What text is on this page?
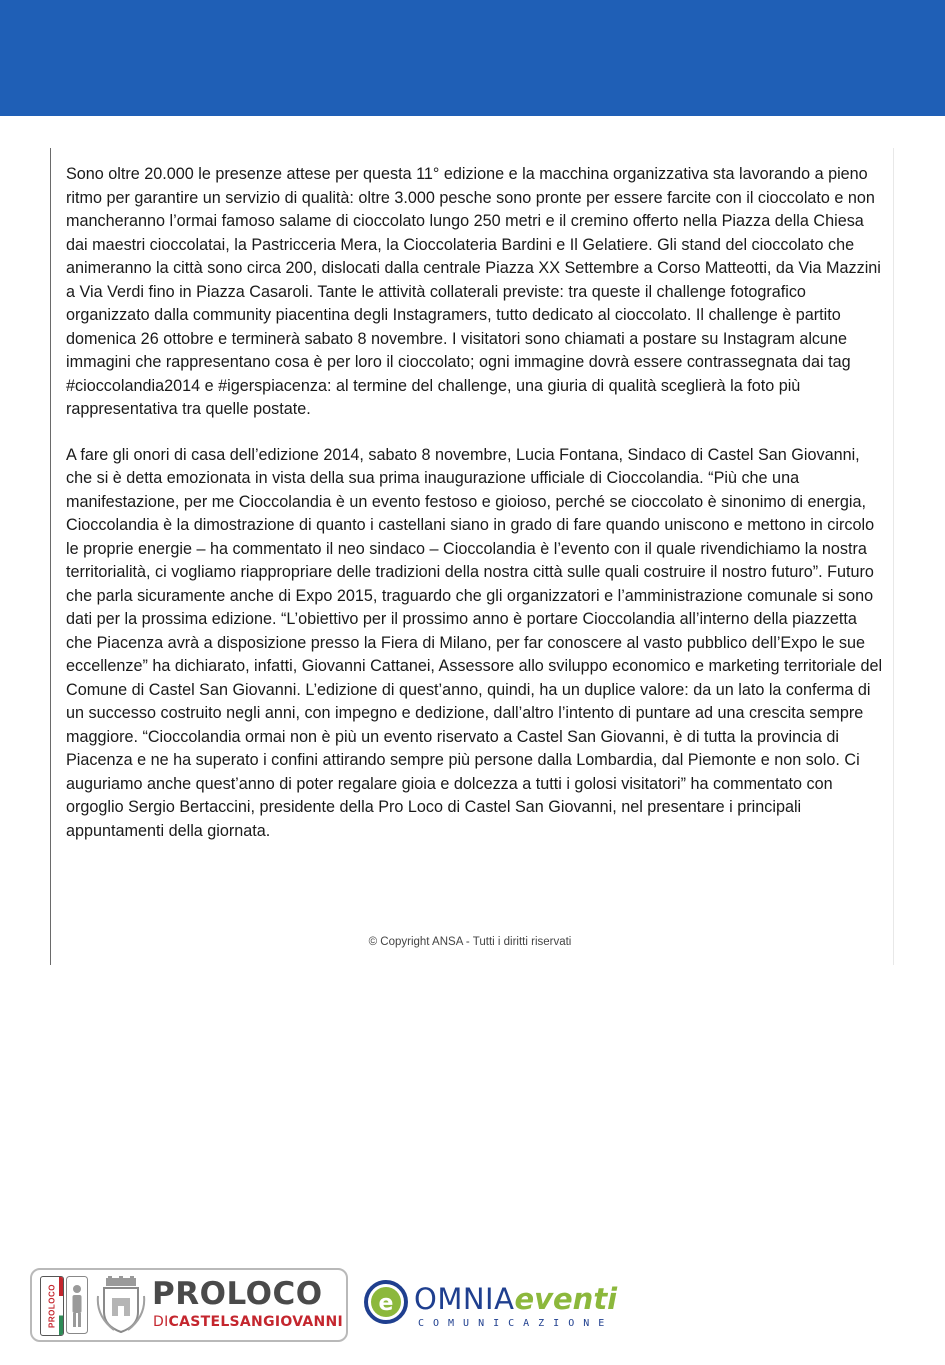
Sono oltre 20.000 le presenze attese per questa 11° edizione e la macchina organizzativa sta lavorando a pieno ritmo per garantire un servizio di qualità: oltre 3.000 pesche sono pronte per essere farcite con il cioccolato e non mancheranno l’ormai famoso salame di cioccolato lungo 250 metri e il cremino offerto nella Piazza della Chiesa dai maestri cioccolatai, la Pastricceria Mera, la Cioccolateria Bardini e Il Gelatiere. Gli stand del cioccolato che animeranno la città sono circa 200, dislocati dalla centrale Piazza XX Settembre a Corso Matteotti, da Via Mazzini a Via Verdi fino in Piazza Casaroli. Tante le attività collaterali previste: tra queste il challenge fotografico organizzato dalla community piacentina degli Instagramers, tutto dedicato al cioccolato. Il challenge è partito domenica 26 ottobre e terminerà sabato 8 novembre. I visitatori sono chiamati a postare su Instagram alcune immagini che rappresentano cosa è per loro il cioccolato; ogni immagine dovrà essere contrassegnata dai tag #cioccolandia2014 e #igerspiacenza: al termine del challenge, una giuria di qualità sceglierà la foto più rappresentativa tra quelle postate.

A fare gli onori di casa dell’edizione 2014, sabato 8 novembre, Lucia Fontana, Sindaco di Castel San Giovanni, che si è detta emozionata in vista della sua prima inaugurazione ufficiale di Cioccolandia. “Più che una manifestazione, per me Cioccolandia è un evento festoso e gioioso, perché se cioccolato è sinonimo di energia, Cioccolandia è la dimostrazione di quanto i castellani siano in grado di fare quando uniscono e mettono in circolo le proprie energie – ha commentato il neo sindaco – Cioccolandia è l’evento con il quale rivendichiamo la nostra territorialità, ci vogliamo riappropriare delle tradizioni della nostra città sulle quali costruire il nostro futuro”. Futuro che parla sicuramente anche di Expo 2015, traguardo che gli organizzatori e l’amministrazione comunale si sono dati per la prossima edizione. “L’obiettivo per il prossimo anno è portare Cioccolandia all’interno della piazzetta che Piacenza avrà a disposizione presso la Fiera di Milano, per far conoscere al vasto pubblico dell’Expo le sue eccellenze” ha dichiarato, infatti, Giovanni Cattanei, Assessore allo sviluppo economico e marketing territoriale del Comune di Castel San Giovanni. L’edizione di quest’anno, quindi, ha un duplice valore: da un lato la conferma di un successo costruito negli anni, con impegno e dedizione, dall’altro l’intento di puntare ad una crescita sempre maggiore. “Cioccolandia ormai non è più un evento riservato a Castel San Giovanni, è di tutta la provincia di Piacenza e ne ha superato i confini attirando sempre più persone dalla Lombardia, dal Piemonte e non solo. Ci auguriamo anche quest’anno di poter regalare gioia e dolcezza a tutti i golosi visitatori” ha commentato con orgoglio Sergio Bertaccini, presidente della Pro Loco di Castel San Giovanni, nel presentare i principali appuntamenti della giornata.

© Copyright ANSA - Tutti i diritti riservati
PROLOCO	PROLOCO
DICASTELSANGIOVANNI
e OMNIAeventi
COMUNICAZIONE
